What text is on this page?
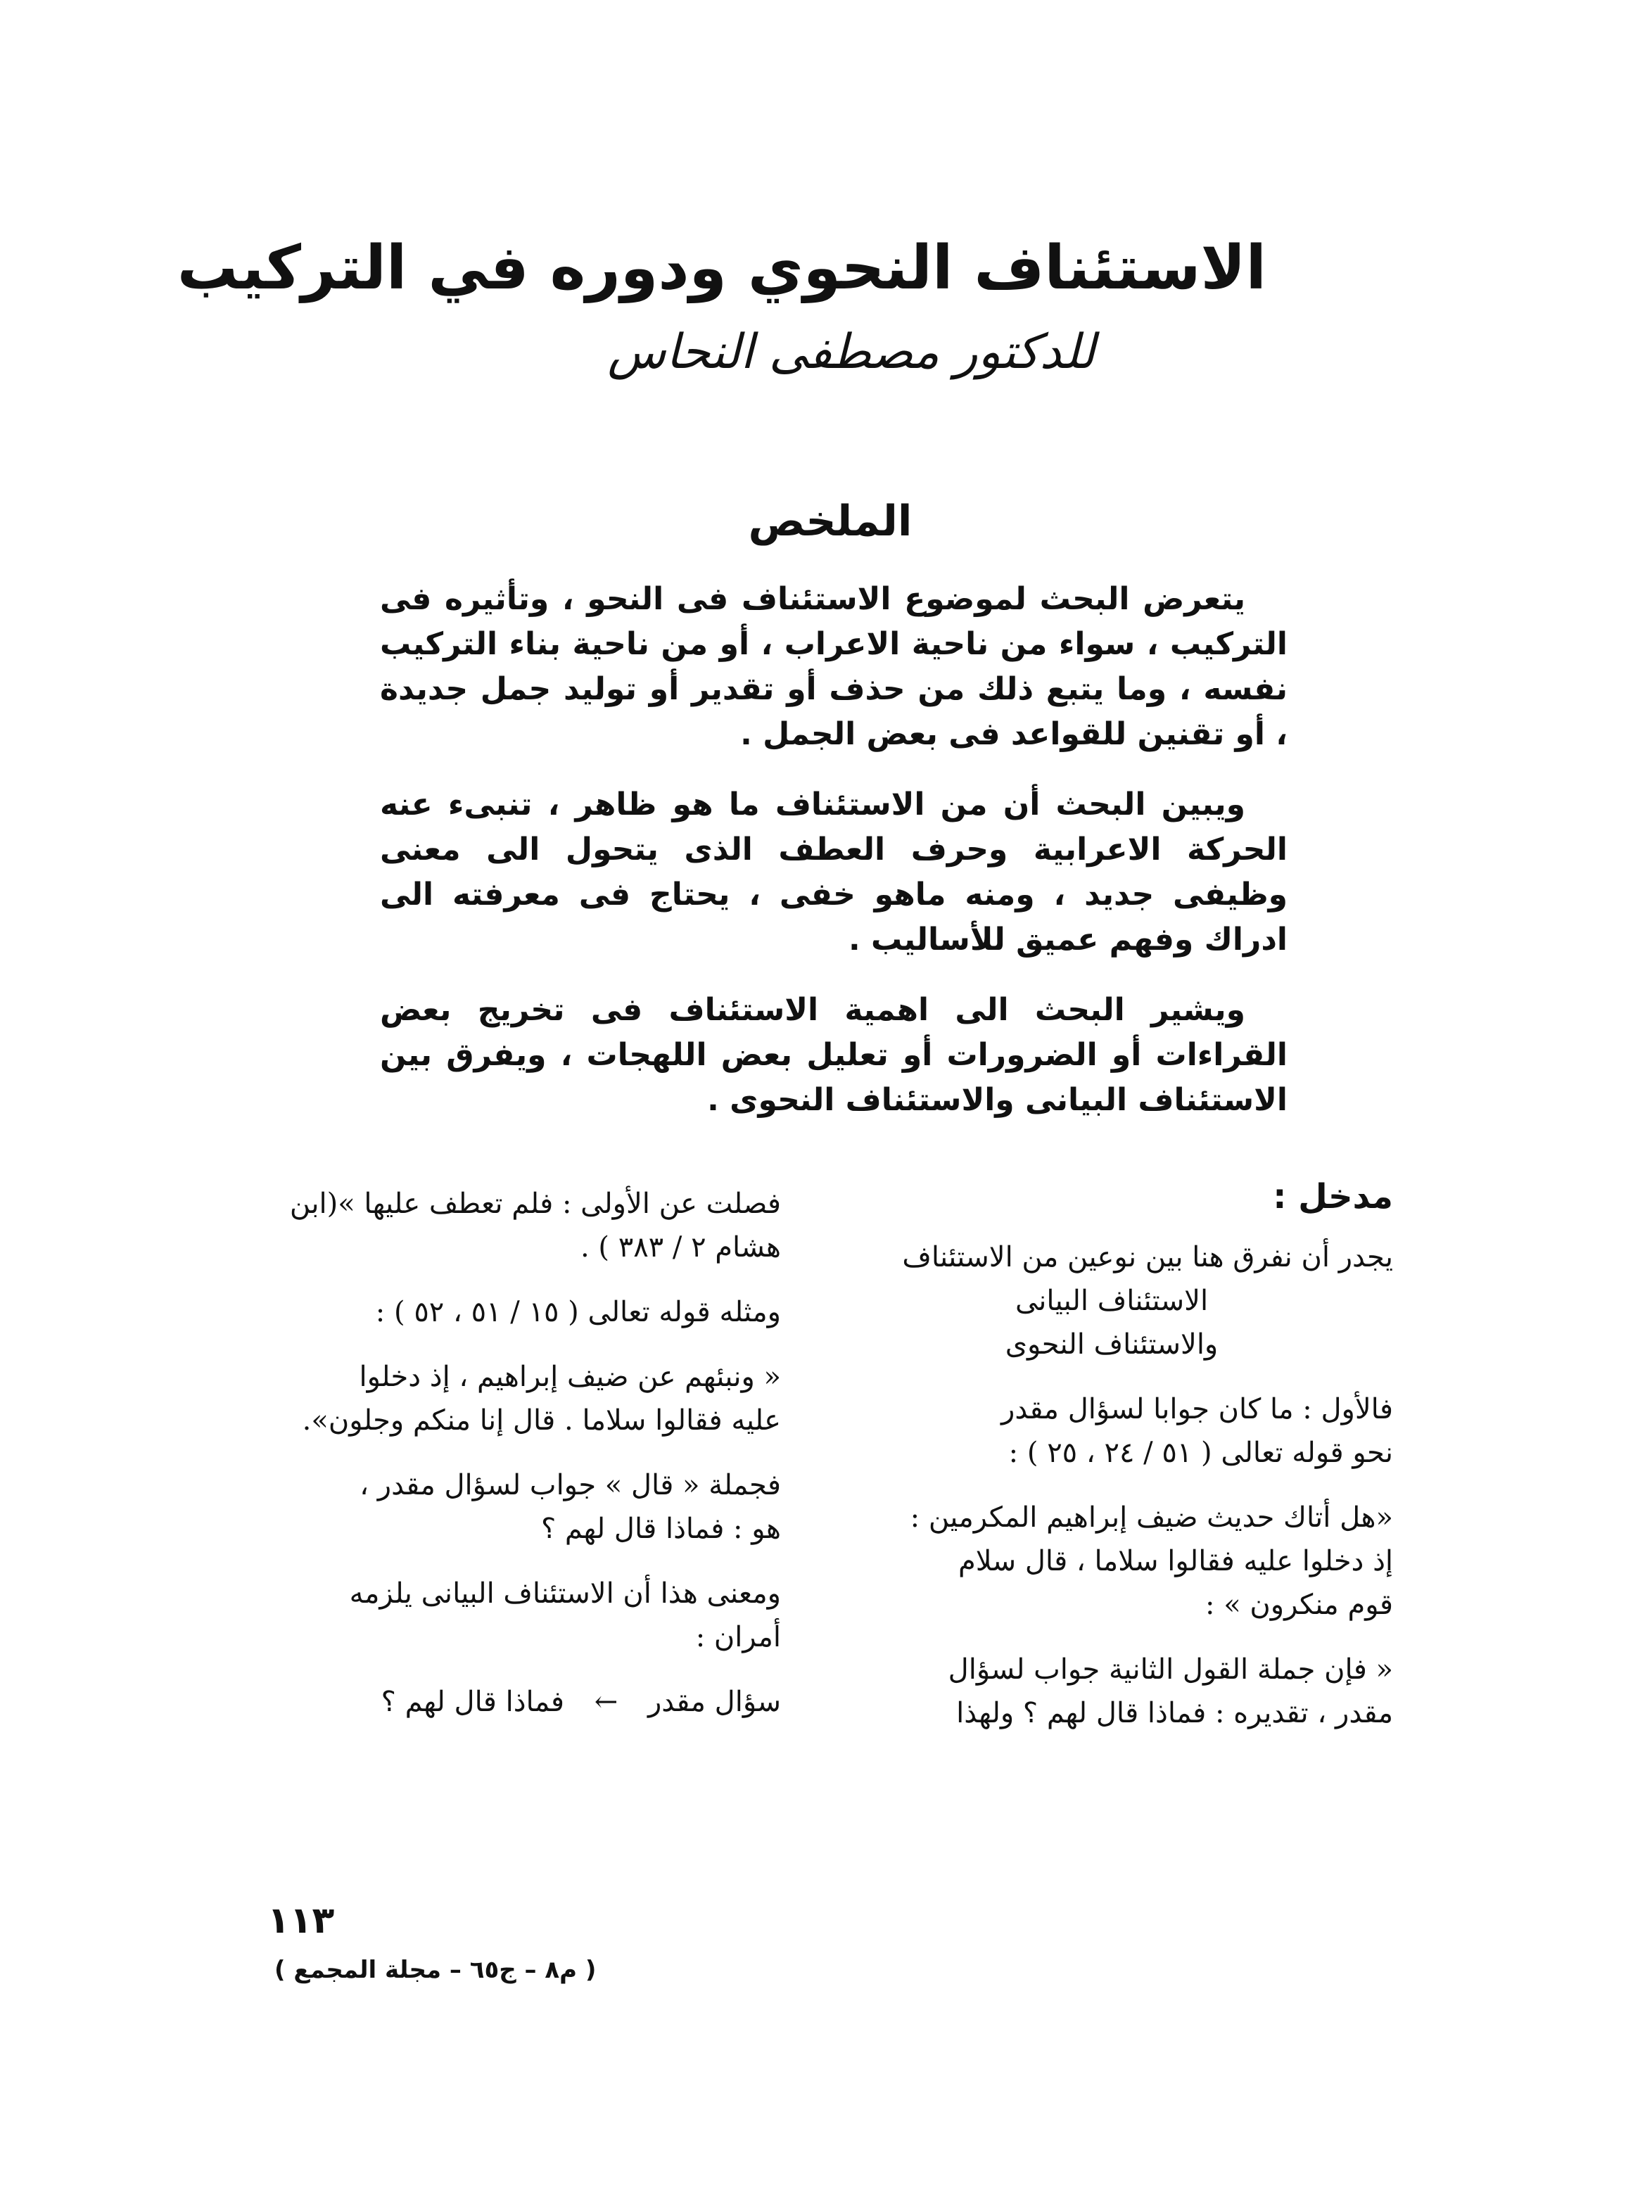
الاستئناف النحوي ودوره في التركيب
للدكتور مصطفى النحاس
الملخص

يتعرض البحث لموضوع الاستئناف فى النحو ، وتأثيره فى التركيب ، سواء من ناحية الاعراب ، أو من ناحية بناء التركيب نفسه ، وما يتبع ذلك من حذف أو تقدير أو توليد جمل جديدة ، أو تقنين للقواعد فى بعض الجمل .

ويبين البحث أن من الاستئناف ما هو ظاهر ، تنبىء عنه الحركة الاعرابية وحرف العطف الذى يتحول الى معنى وظيفى جديد ، ومنه ماهو خفى ، يحتاج فى معرفته الى ادراك وفهم عميق للأساليب .

ويشير البحث الى اهمية الاستئناف فى تخريج بعض القراءات أو الضرورات أو تعليل بعض اللهجات ، ويفرق بين الاستئناف البيانى والاستئناف النحوى .

مدخل :

يجدر أن نفرق هنا بين نوعين من الاستئناف
الاستئناف البيانى
والاستئناف النحوى

فالأول : ما كان جوابا لسؤال مقدر
نحو قوله تعالى ( ٥١ / ٢٤ ، ٢٥ ) :

«هل أتاك حديث ضيف إبراهيم المكرمين :
إذ دخلوا عليه فقالوا سلاما ، قال سلام
قوم منكرون » :

« فإن جملة القول الثانية جواب لسؤال
مقدر ، تقديره : فماذا قال لهم ؟ ولهذا

فصلت عن الأولى : فلم تعطف عليها »(ابن
هشام ٢ / ٣٨٣ ) .

ومثله قوله تعالى ( ١٥ / ٥١ ، ٥٢ ) :

« ونبئهم عن ضيف إبراهيم ، إذ دخلوا
عليه فقالوا سلاما . قال إنا منكم وجلون».

فجملة « قال » جواب لسؤال مقدر ،
هو : فماذا قال لهم ؟

ومعنى هذا أن الاستئناف البيانى يلزمه
أمران :

سؤال مقدر ← فماذا قال لهم ؟

١١٣
( م٨ – ج٦٥ – مجلة المجمع )
